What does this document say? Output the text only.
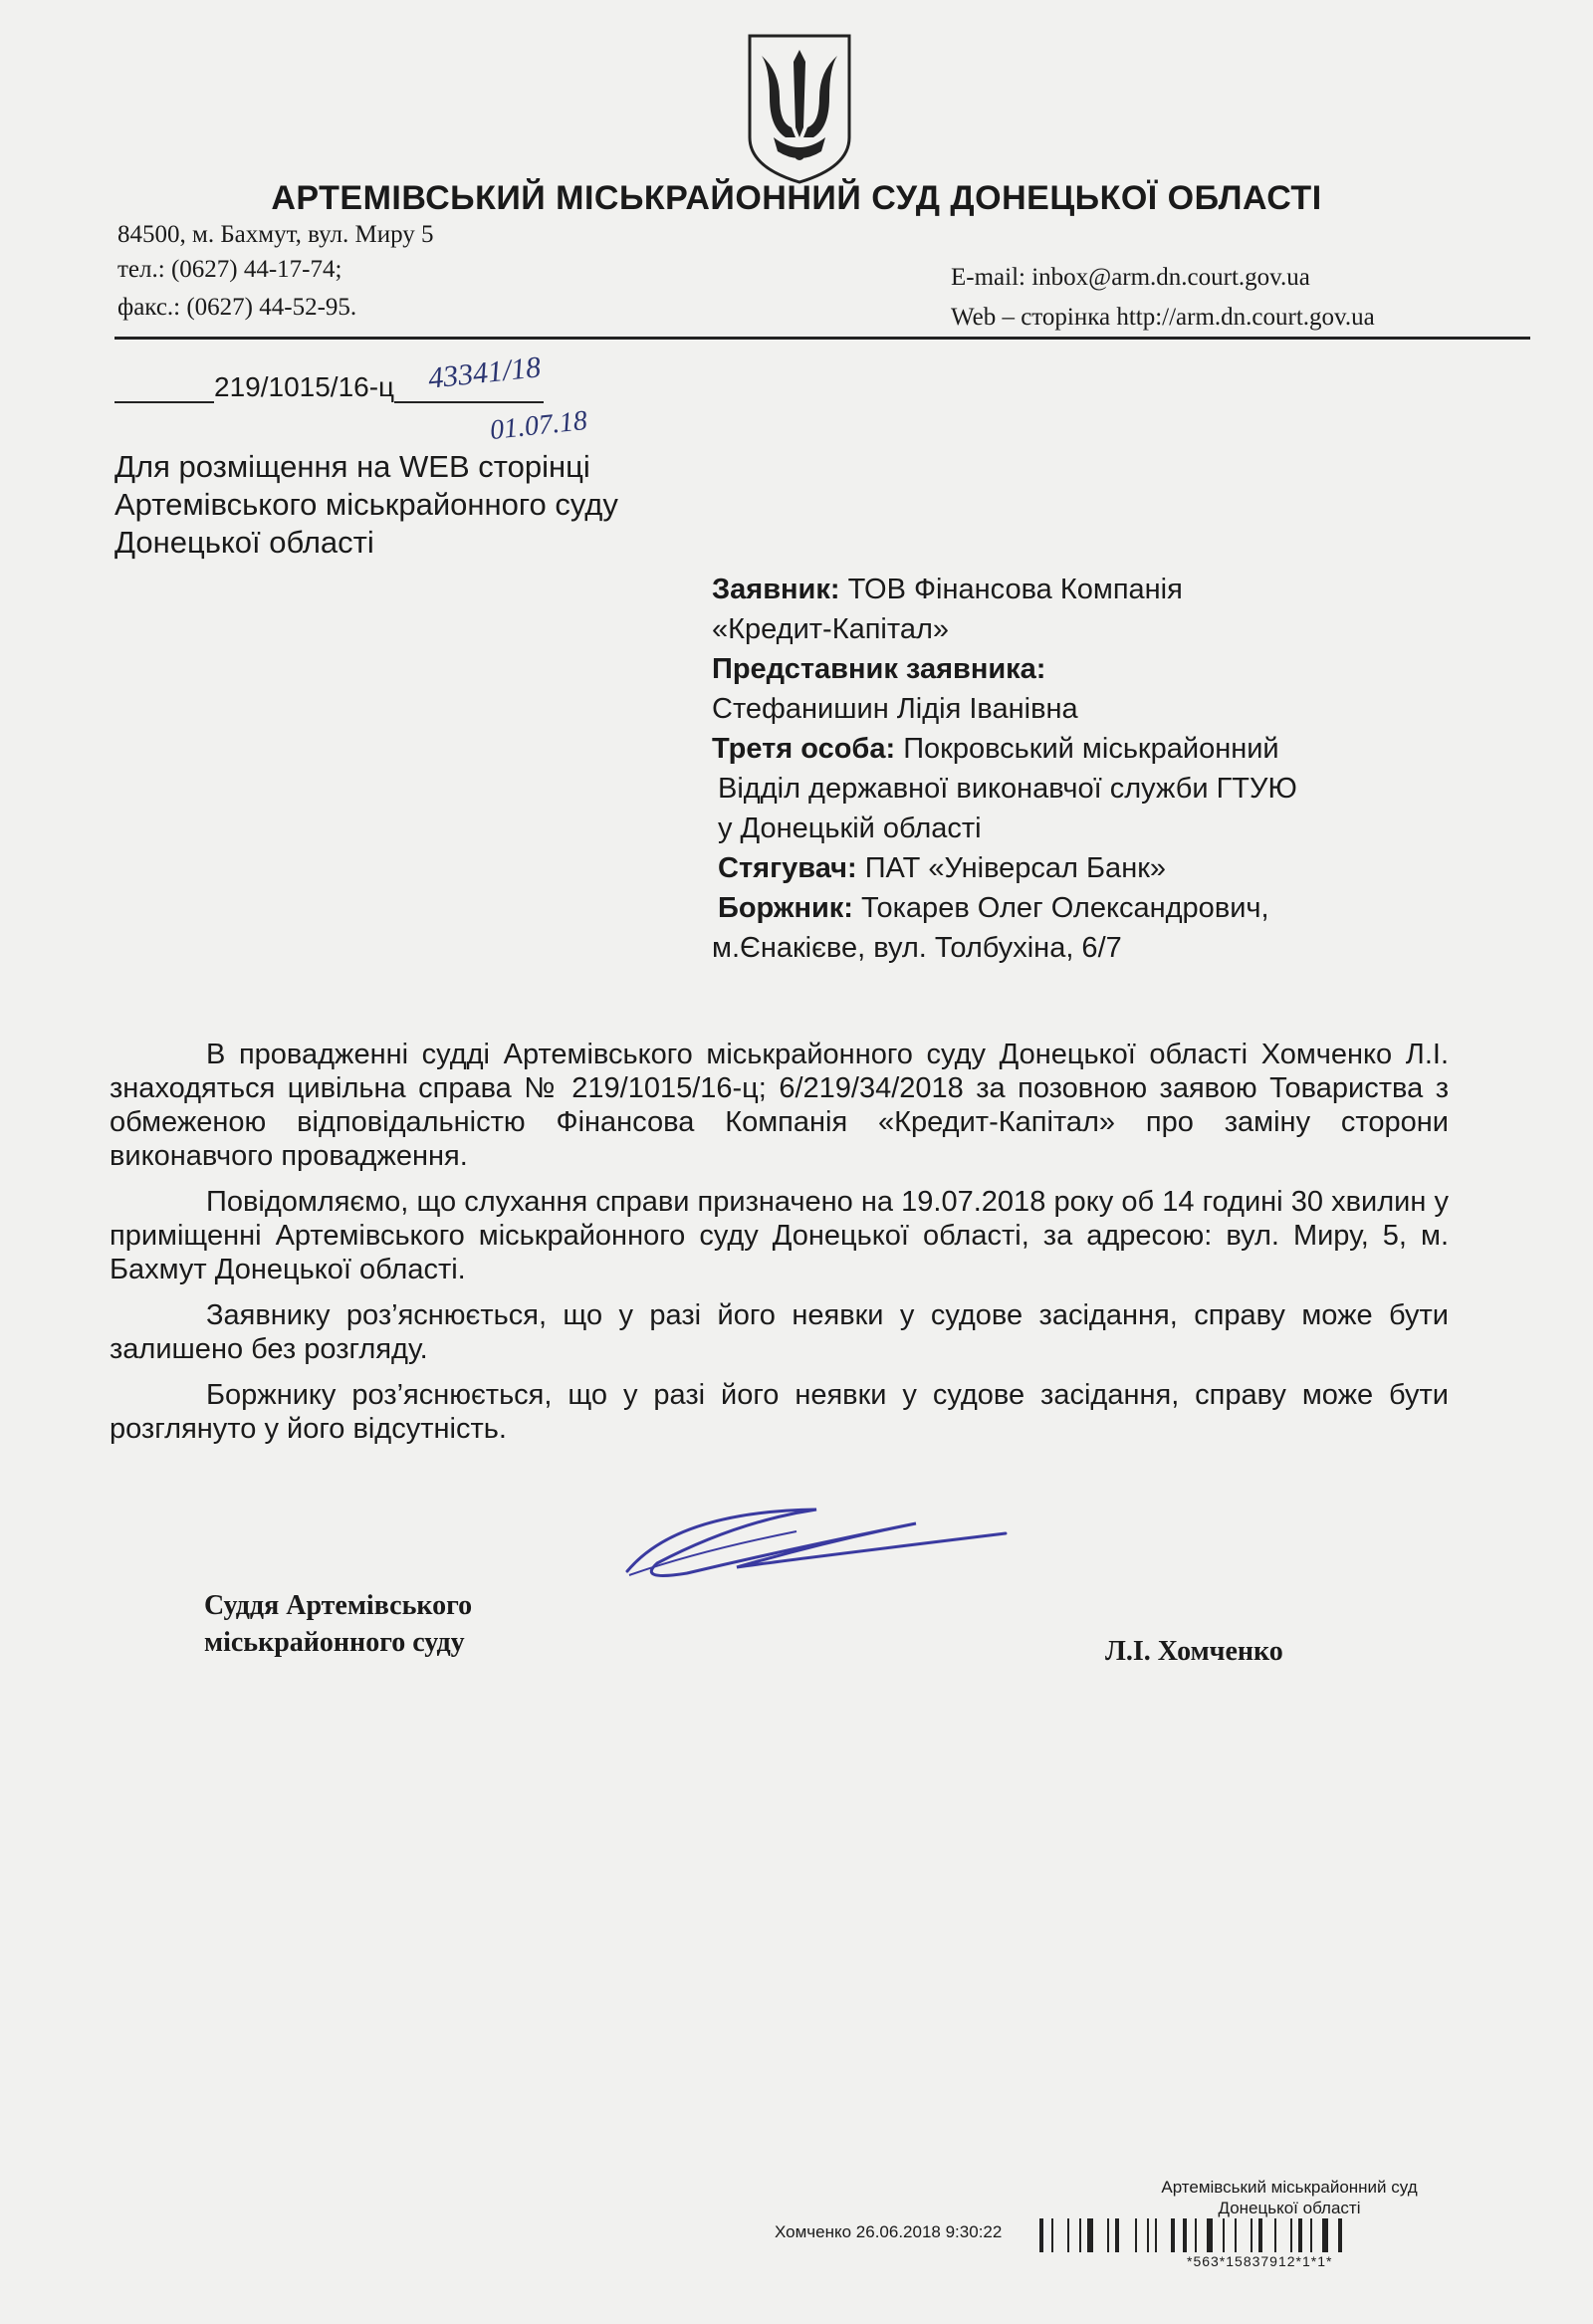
АРТЕМІВСЬКИЙ МІСЬКРАЙОННИЙ СУД ДОНЕЦЬКОЇ ОБЛАСТІ
84500, м. Бахмут, вул. Миру 5
тел.: (0627) 44-17-74;
факс.: (0627) 44-52-95.
E-mail: inbox@arm.dn.court.gov.ua
Web – сторінка http://arm.dn.court.gov.ua
219/1015/16-ц	43341/18
01.07.18
Для розміщення на WEB сторінці
Артемівського міськрайонного суду
Донецької області
Заявник: ТОВ Фінансова Компанія
«Кредит-Капітал»
Представник заявника:
Стефанишин Лідія Іванівна
Третя особа: Покровський міськрайонний
Відділ державної виконавчої служби ГТУЮ
у Донецькій області
Стягувач: ПАТ «Універсал Банк»
Боржник: Токарев Олег Олександрович,
м.Єнакієве, вул. Толбухіна, 6/7

В провадженні судді Артемівського міськрайонного суду Донецької області Хомченко Л.І. знаходяться цивільна справа № 219/1015/16-ц; 6/219/34/2018 за позовною заявою Товариства з обмеженою відповідальністю Фінансова Компанія «Кредит-Капітал» про заміну сторони виконавчого провадження.

Повідомляємо, що слухання справи призначено на 19.07.2018 року об 14 годині 30 хвилин у приміщенні Артемівського міськрайонного суду Донецької області, за адресою: вул. Миру, 5, м. Бахмут Донецької області.

Заявнику роз’яснюється, що у разі його неявки у судове засідання, справу може бути залишено без розгляду.

Боржнику роз’яснюється, що у разі його неявки у судове засідання, справу може бути розглянуто у його відсутність.

Суддя Артемівського
міськрайонного суду	Л.І. Хомченко
Артемівський міськрайонний суд
Донецької області
Хомченко 26.06.2018 9:30:22
*563*15837912*1*1*
